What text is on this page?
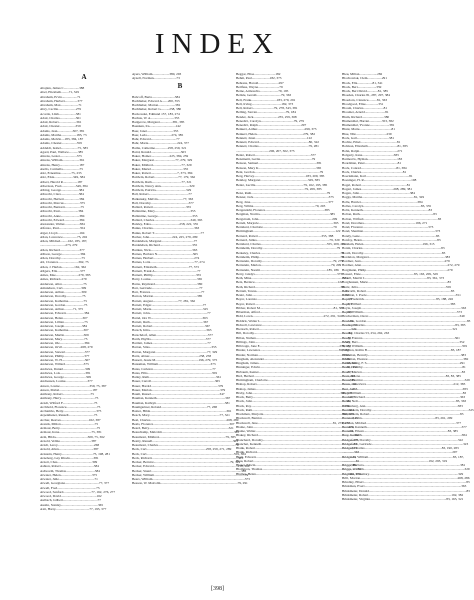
INDEX
A
Abajian, James C..................388
Abel, Elizabeth.........71, 329
Abraham, Ervin..................71
Abraham, Herbert...............377
Abraham, Max.....................71
Abry, Cecilia.....................279
Acorda, Lilah....................381
Adair, Charles...................361
Adair, Robert.....................361
Adair, Chester...................359
Adams, Jean..................307, 381
Adams, Martha..................183, 73
Adams, Melvin....183, 384, 187
Adams, Chester..................359
Addeldt, Isabel....................75, 383
Agard, Paul, Wallace...........385
Ahrens, Lester....................375
Ahrens, William....................361
Ahrens, Henry.......................187
Aiello, Carmella....................75
Aitz, Ernestine.............75, 235
Aitz, Elsie......................349, 384
Albert, Harold R.................187
Albertson, Fred.................349, 384
Albing, George.....................384
Albrecht, Clara.....................384
Albrecht, Herbert..................384
Albrecht, Marcus...................375
Albrecht, Bernard...................75
Albrecht, Paul......................384
Albrecht, Anne......................384
Albrecht, Edward..................384
Alexander, Walter..................384
Alfonso, Paul.........................354
Alger, Lloyd..........................164
Allan, Lawrence.................75, 202
Allen, Mildred.........162, 185, 187,
..............................273, 279
Allen, Richard.......................377
Allison, George......................384
Allen, Dorothy.........................75
Alt, Clarence........................362, 75
Allen, J. Harlan...............162, 362
Allgers, Ella...........................377
Ames, Mae...........................279, 385
Ames, Richard.........................279
Anderson, Alice.........................75
Amundson, Carl......................309
Anderson, Arthur.....................309
Anderson, Dorothy...................75
Anderson, Katherine..................75
Anderson, Gordon......................75
Anderson, Arthur...........71, 375
Anderson, Edward......................384
Anderson, Helen.......................307
Anderson, Lillian........................75
Anderson, Joseph.....................384
Anderson, Katherine..................307
Anderson, Martin.......................309
Anderson, Mary..........................75
Anderson, Ole.............................384
Anderson, Orvil......................268, 279
Anderson, Stewart.......................377
Anderson, Phillip........................377
Anderson, W. H...........................367
Anderson, Willard......................375
Andrews, Daniel..........................309
Andrews, Lois..............................381
Andrews, George..........................309
Andreasen, Louise..........................377
Anson, Louise...................................359, 75, 387
Anson, Mabel.......................................187
Anthony, Robert.................................75
Anthony, Harry........................................75
Arndt, Wilford F.....................................75
Archbold, Florence....................................75
Archambo, Betty.......................................375
Arpenthener, Russell..............................75
Archer, Reeves.................................162, 387
Arends, Milton........................................75
Armour, Betty............................................75
Armour, Irene......................................75, 381
Arm, Hilda......................................309, 75, 362
Arnold, Velma.....................................387
Arndt, Leroy...........................................268
Arnold, Allen.........................................387
Arnstein, Henry.....................................75, 198, 281
Arneberg, Gay Rhoda............................381
Arnott, Chas.........................................309
Ashton, Robert.......................................384
Ashworth, Thomas..................................384
Atwater, Helen.....................................375
Atwater, Julie..........................................71
Atwell, Georgiana........................................77, 377
Atwell, Fred..............................................75
Atwood, Sanford.................................77, 162, 276, 277
Atwood, David..........................................162
Aulbach, Gilbert.........................................77
Austin, Stanley............................................365
Axtt, Harry........................................77, 193, 377
Ayers, William....................380, 293
Ayzell, Norman...........................73
B
Babcoff, Berta...........................384
Bachhuber, Edward A.......200, 355
Bachhuber, Marion....................381
Bachhuber, Robert G..........258, 380
Backowski, Edmund 157, 183, 274
Bachus, W. A............................355
Badgerow, Margaret...............381, 385
Baenken, Ira...............................142
Baer, Janet...............................355
Baer, Leda.............................274, 385
Bahr, Edward..............................77
Bahr, Marie..................................224, 377
Bailie, Catherine...............258, 259, 321
Baird, Ronald...................................363
Baker, Homer......................225, 384, 259
Baker, Margaret.........................77, 279, 329
Baker, Mildred..................................77, 329
Baker, Muriel......................................355
Baker, Robert...............................7, 373, 384
Baldwin, Robert............................77, 179, 362
Baldwin, Ruth...................................77, 321
Baldwin, Nancy Ann..................................329
Baldwin, Patricia....................................329
Ball, Robert...............................................77
Balkansky, Melvin..............................77, 363
Ball, Dorothy.............................................377
Ballard, Robert.......................................355
Ballantine, Mary..........................................355
Ballantine, George.........................................355
Ballard, Charles...........................................349, 365
Balsley, Edna..................................258, 222, 355
Banks, Charles.................................................363
Banks, Robert T.......................................................77
Barber, John...........................224, 225, 279, 289
Bardeleben, Margaret......................................77
Bardeleben, Richard......................................355
Barikas, Nick.................................................363
Barnes, Barbara N..........................................365
Barnes, Herbert................................................274
Barnes, Lotta....................................................77, 274
Barnett, Elizabeth......................................77, 373
Barnett, Frank A..................................................77
Barnett, Phillip...................................................355
Barry, Louise.......................................................365
Barns, Raymond..................................................380
Barr, Gertrude........................................................77
Barr, Frances............................................................77
Barron, Marion....................................................385
Barrett, August..............................77, 281, 362
Barrett, Edgar.............................................................77
Barrett, Marie.............................................................325
Barrett, John....................................................................77
Bartel, Ora W.............................................................363
Barrett, Ruth...............................................................367
Barrett, Robert..............................................................367
Barsch, Irma...................................................................363
Barschdorf, Allen.............................................................377
Barth, Phyllis.................................................................377
Bartlett, James.................................................................77
Barton, Silas.........................................................................355
Barton, Margaret.............................................................77, 329
Bartz, Abner...........................................................258, 258
Bassett, Jessie M...................................................196, 279, 375
Batesman, William..............................................................373
Bates, Carleton......................................................................77
Bates, Ellis............................................................................359
Bailey, Ruth...............................................................................361
Bauer, Carroll...........................................................................365
Bauer, Harold...............................................................................379
Bauer, Marian.................................................................................379
Baum, Russel.................................................................................347
Bauman, Kenneth.................................................................................367
Bauman, Kathryn.................................................................................381
Baumgartner, Roland......................................................77, 268
Baxter, Hilda..........................................................................................361
Beach, Mary...................................................................................77, 321
Beal, Charles..........................................................................................268, 289
Beals, Florence..........................................................................................307
Beard, Betty..............................................................................................321
Beauchamp, Malcolm.....................................................................................365
Beaumont, Mildred...............................................................................79, 385
Beatty, Russell...............................................................................................363
Beaumont, Charles...........................................................................................79
Beck, Carl......................................................................258, 259, 271, 289
Beck, Carl.......................................................................................................359, 384
Beck, Richard......................................................................................................363
Becker, Bernice..........................................................................................79, 329
Becker, Edward...................................................................................................258, 369
Becker, Stuart..........................................................................................................383
Becker, William...........................................................................................................79
Beers, William.............................................................................................................373
Beeson, W. Malcolm...........................................................................................79, 291
Beggar, Elise.........................182
Behm, Paul.....................182, 373
Behrens, Harold........................297
Beilfuss, Wayne.........................79
Beine, Armouchs......................79, 195
Belisle, Gerald.............................79, 363
Bell, Frank..............................183, 279, 291
Bell, Irving...................................182, 373
Bell, Robert.........................79, 278, 343, 381
Belling, Stevan..................................79, 184
Bender, Jack.............................235, 259, 368
Benedict, Carolyn.......................................79, 279
Benedict, Ralph...................................................297
Benkert, Arthur........................................................299, 373
Benkert, Helen.......................................................279, 382
Bennett, Janet.............................................................122
Bennett, Edward...........................................................80, 322
Bennett, Charles...........................................................79, 281
.......................................206, 207, 302, 373
Bentz, Robert..................................................................377
Benzinetti, Gertie.............................................................79
Benson, Samuel.....................................................................381
Benson, Mary K....................................................................365
Bent, Gordon.............................................................................79
Berg, Harvey.............................................................183, 209, 385
Bentley, Margaret........................................................329, 383
Bentz, Lucille.........................................................79, 162, 193, 385
.................................................................................79, 209, 385
Benz, Ruth.........................................................................................79
Benzer, Jack.........................................................................................375
Berg, Jane............................................................................................377
Berg, Wilma.........................................................................79, 203
Bergendahl, Florence......................................................................385
Bergman, Norma...................................................................................385
Bergstrom, John.......................................................................................209
Berndt, Marjorie........................................................................................365
Bernhard, Charlotte...................................................................................79
Birmingham.................................................................................................122
Bernard, Robert...........................................................................355, 388
Bernard, Julius......................................................................................79, 329
Bernhard, Charles..............................................................................355, 209, 210
Bernheim, Dorothy........................................................................................79
Berkeley, Charles...............................................................................................79
Bernheim, Philip................................................................................................79
Bernstein, Dorothy....................................................................................79, 279
Bernstein, Marion...................................................................................79, 209
Bernstein, Naomi...............................................................................185, 186
Berry, Gladys.................................................................................................373
Beth, Mina............................................................................................................381
Betz, Bernice..................................................................................................122
Beth, Richard.....................................................................................................381
Betram, Teresa.........................................................................................................81
Beutz, John.............................................................................................................381
Beyer, Lorenzo.............................................................................................................81
Beyer, Robert.............................................................................................................219
Bibber, Robert M.......................................................................................81, 381
Biberman, Alfred.......................................................................................................209
Bidd, Loren....................................................................................272, 291, 341
Biddick, Walter L..........................................................................................................81
Bidwell, Lawrence...........................................................................................................291
Biersach, Robert.............................................................................................................349
Bill, Dorothy................................................................................................................81
Billan, Nathen.............................................................................................................81
Billings, John..........................................................................................................343
Billsvagn, Jane E..............................................................................................279, 383
Binder, Lawrence.............................................................................................81, 383
Binder, Norman.....................................................................................................384
Bingham, Alexander...............................................................................................349
Bingham, James......................................................................................................218, 349
Binninger, Edwin.......................................................................................................81, 359
Birbaum, Kenter.........................................................................................................373
Bird, Herbert.................................................................................................................269
Birmingham, Charlotte.................................................................................................365
Bishop, Robert..................................................................................................................81
Bishop, James..................................................................................................................363
Bixby, John........................................................................................................343, 345
Black, Betty..................................................................................................................297
Black, John...............................................................................................................381
Black, Roy..............................................................................................................359
Black, Ruth..................................................................................................................361
Blackman, Marjorie.............................................................................................365, 375
Blackwell, Bernice...........................................................................................................345
Blackwell, Jane.........................................................................................81, 274, 277
Blaine, John.................................................................................................................276
Blaine, Walter................................................................................................................81
Blakey, Richard..................................................................................................................361
Blanchard, Dorothy...........................................................................................................275
Blanchet, Kenneth.............................................................................................................81
Blank, Robert..................................................................................................................363
Blank, Richard...................................................................................................................363
Blatz, Edward...................................................................................................................81
Blau, Robert.........................................................................................................................81
Blazer, Edwin.................................................................................................................349
Blomgren, Thomas.................................................................................................................81
Blumer, Helen..............................................................................................................361, 379
[398]
Bleu, Milton.....................282
Blochowiak, Clem.................291
Block, Ella..................81, 341
Block, Bert......................359
Block, Bert David.............81, 385
Bloeden, Charles 81, 287, 297, 384
Bloedorn, Clarence..........81, 363
Bloodgood, Elise...............351
Bloom, Charles........................81
Bloomer, Arnold........................81
Blum, Richard..........................380
Blumenthal, Harriet...............353, 382
Blumenthal, Yvonne.......................381
Blunt, Marie......................................81
Blue, Nile....................................239
Bock, Gail......................................381
Bochie, Ethel...........................................81
Bohlson, Elizabeth...................................81, 385
Bohn, Ralph.............................................271
Bolgerty, Irene.....................................383
Barmorris, Hyman...................................183
Boardman, Peter.......................................81
Bock, Conrad..........................................81, 384
Bock, Charles.................................................81
Boeckmann, Karl...................................................81
Boesinger, H. R........................................................198
Bogel, Robert......................................................81
Bogart, James......................................268, 289, 381
Bogen, John............................................................384
Boggs, Martha.............................................................81, 329
Bolle, Harriet...................................................................384
Bolles, Carolyn....................................................................83, 335
Boltz, Kenneth..............................................................................83
Bolton, Ruth.......................................................................................83
Bolton, Wilfred........................................................................................83
Bond, Dorothea.............................................................196, 271
Bond, Florence.............................................................................373
Bond, Sherman.....................................................................................373
Bondy, Gene..........................................................................................83
Bonfoy, Helen.........................................................................................83
Bonham, Helen......................................................................196, 315
Bonin, Charles.............................................................................................83
Booth, Dorothy.............................................................................................83
Bordelon, Margaret..........................................................................................383
Bordner, Jean...................................................................................................279
Bordner, Alan......................................................................................................272, 279
Borgmann, Philip................................................................................................279
Bossert, Elsie...............................................................83, 163, 209, 329
Bonell, Merritt L.........................................................................83, 361, 373
Borghausen, Marie..............................................................................................83
Bortz, Julia........................................................................................................359
Bosworth, Robert....................................................................................................83
Bowman, J. Poole.........................................................................................................351
Boyd, Frederick.....................................................................................83, 188, 226
Boyd, Wilbert.........................................................................................................383
Boyle, Joseph......................................................................................................................363
Boyle, William...............................................................................................................373
Bracherman, Oscar............................................................................................................349
Brackins, Gordon.......................................................................................................................83
Bradley, Charles...........................................................................................................83, 385
..................................................................................................................................321
Bradley, Charles 53, 254, 262, 263
Brady, Frances.............................................................................................................361
Brady, Bert........................................................................................................................352
Brady, William.....................................................................................................................359
Bragdon, Rollin B...................................................................................................83, 187
Bramman, Beverly..............................................................................................................383
Bramman, Eleanor.................................................................................................................382
Brandenburg, F. S..............................................................................................................291
Brant, Dorothy......................................................................................................................81
Brasil, Marion......................................................................................................................83
Bratz, Arlene.....................................................................................................83, 83, 385
Braus, Beatrice........................................................................................................................329
Braus, Genevieve.......................................................................................................212, 383
Brei, Joe................................................................................................................................383
Bray, William........................................................................................................................83
Brecker, Richard................................................................................................................363
Breen, Neil....................................................................................................................83, 363
Breitenberg, Ann.............................................................................................................383
Breitenstein, Dorothy...................................................................................................................325
Breitenstein, Robert...........................................................................................................83
Brennan, John.......................................................................................83, 261, 299
Brennan, Mildred..........................................................................................................377
Brennen, Kenneth................................................................................................................377
Brennan, Eileen...................................................................................................83, 385
Brey, Kenneth......................................................................................................................384
Bridgeforth, Dorothy.......................................................................................................322
Bridgeforth, Gertrude............................................................................................................323
Bridges, Charles...........................................................................................83, 190, 283
..................................................................................................................................297
Bridgman, William....................................................................................................83, 187,
......................................................................................................192, 293, 319
Briggs, Barbara..................................................................................................................381
Briggs, William.......................................................................................................................329
Brigham, Rosemary.........................................................................................................329
Brill, Morton...................................................................................................................268, 286
Brindley, Elbert.........................................................................................................................83
Brinkman, Evert..................................................................................................................363
Brinkmeier, Donald...................................................................................................................83
Brinkmeier, Robert..................................................................................................192, 382
Brinkmeier, Virginia..........................................................................................83, 163, 321
